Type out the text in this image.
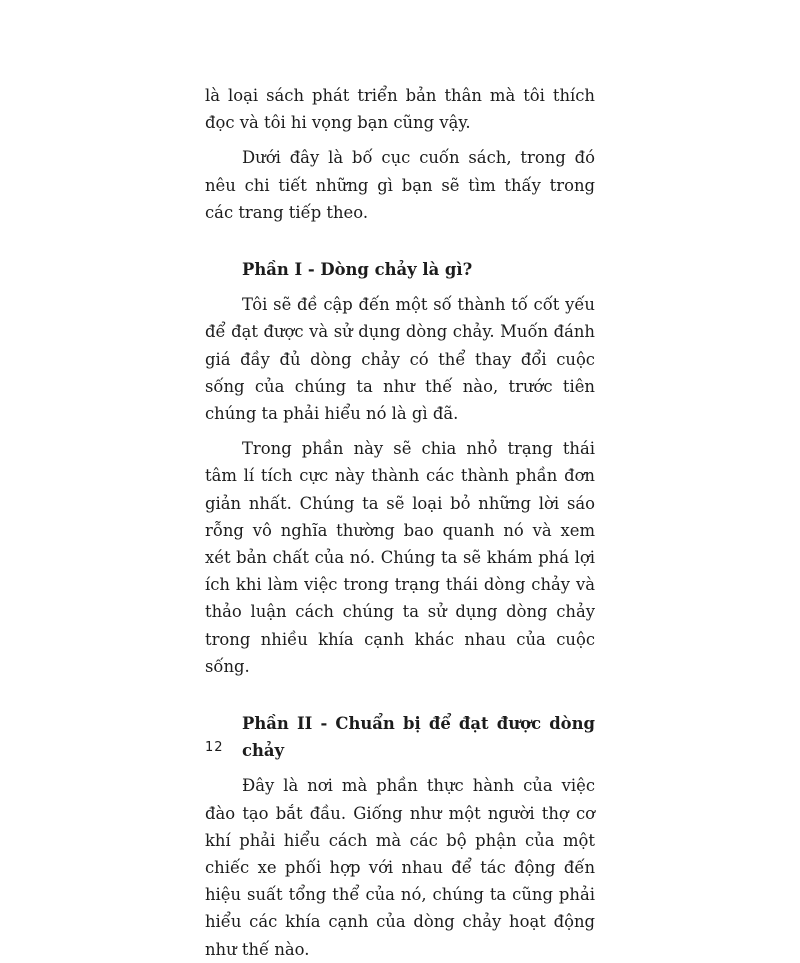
là loại sách phát triển bản thân mà tôi thích đọc và tôi hi vọng bạn cũng vậy.

Dưới đây là bố cục cuốn sách, trong đó nêu chi tiết những gì bạn sẽ tìm thấy trong các trang tiếp theo.

Phần I - Dòng chảy là gì?

Tôi sẽ đề cập đến một số thành tố cốt yếu để đạt được và sử dụng dòng chảy. Muốn đánh giá đầy đủ dòng chảy có thể thay đổi cuộc sống của chúng ta như thế nào, trước tiên chúng ta phải hiểu nó là gì đã.

Trong phần này sẽ chia nhỏ trạng thái tâm lí tích cực này thành các thành phần đơn giản nhất. Chúng ta sẽ loại bỏ những lời sáo rỗng vô nghĩa thường bao quanh nó và xem xét bản chất của nó. Chúng ta sẽ khám phá lợi ích khi làm việc trong trạng thái dòng chảy và thảo luận cách chúng ta sử dụng dòng chảy trong nhiều khía cạnh khác nhau của cuộc sống.

Phần II - Chuẩn bị để đạt được dòng chảy

Đây là nơi mà phần thực hành của việc đào tạo bắt đầu. Giống như một người thợ cơ khí phải hiểu cách mà các bộ phận của một chiếc xe phối hợp với nhau để tác động đến hiệu suất tổng thể của nó, chúng ta cũng phải hiểu các khía cạnh của dòng chảy hoạt động như thế nào.

12
